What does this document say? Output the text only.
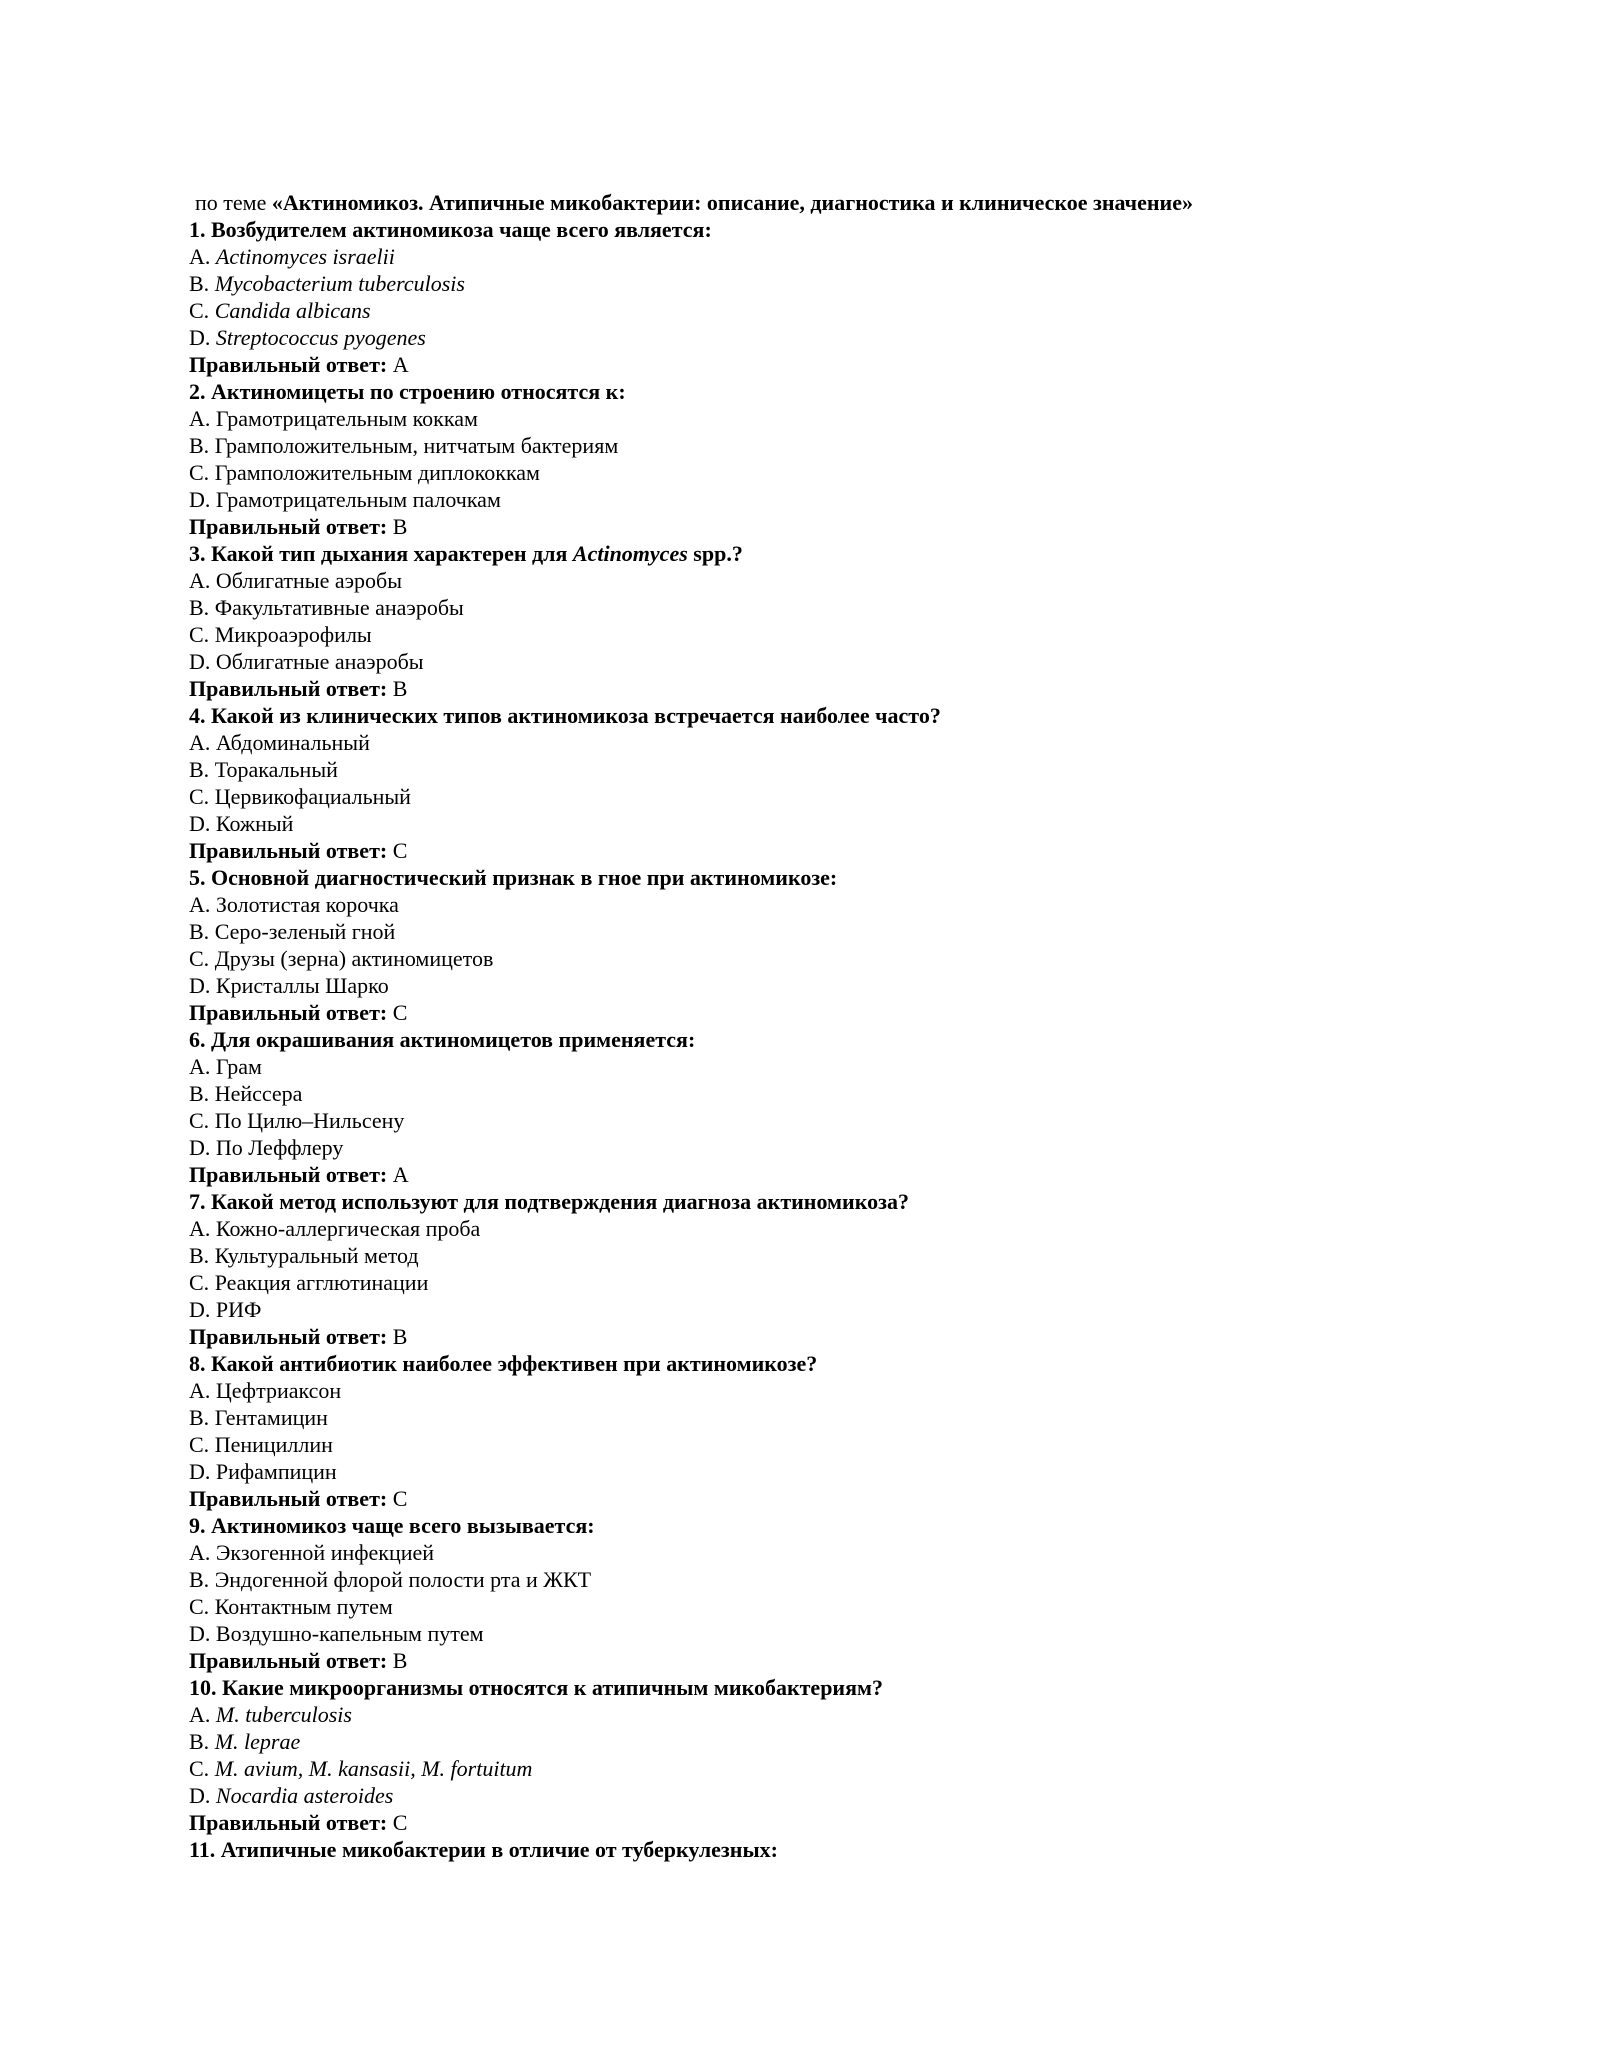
по теме «Актиномикоз. Атипичные микобактерии: описание, диагностика и клиническое значение»
1. Возбудителем актиномикоза чаще всего является:
A. Actinomyces israelii
B. Mycobacterium tuberculosis
C. Candida albicans
D. Streptococcus pyogenes
Правильный ответ: A
2. Актиномицеты по строению относятся к:
A. Грамотрицательным коккам
B. Грамположительным, нитчатым бактериям
C. Грамположительным диплококкам
D. Грамотрицательным палочкам
Правильный ответ: B
3. Какой тип дыхания характерен для Actinomyces spp.?
A. Облигатные аэробы
B. Факультативные анаэробы
C. Микроаэрофилы
D. Облигатные анаэробы
Правильный ответ: B
4. Какой из клинических типов актиномикоза встречается наиболее часто?
A. Абдоминальный
B. Торакальный
C. Цервикофациальный
D. Кожный
Правильный ответ: C
5. Основной диагностический признак в гное при актиномикозе:
A. Золотистая корочка
B. Серо-зеленый гной
C. Друзы (зерна) актиномицетов
D. Кристаллы Шарко
Правильный ответ: C
6. Для окрашивания актиномицетов применяется:
A. Грам
B. Нейссера
C. По Цилю–Нильсену
D. По Леффлеру
Правильный ответ: A
7. Какой метод используют для подтверждения диагноза актиномикоза?
A. Кожно-аллергическая проба
B. Культуральный метод
C. Реакция агглютинации
D. РИФ
Правильный ответ: B
8. Какой антибиотик наиболее эффективен при актиномикозе?
A. Цефтриаксон
B. Гентамицин
C. Пенициллин
D. Рифампицин
Правильный ответ: C
9. Актиномикоз чаще всего вызывается:
A. Экзогенной инфекцией
B. Эндогенной флорой полости рта и ЖКТ
C. Контактным путем
D. Воздушно-капельным путем
Правильный ответ: B
10. Какие микроорганизмы относятся к атипичным микобактериям?
A. M. tuberculosis
B. M. leprae
C. M. avium, M. kansasii, M. fortuitum
D. Nocardia asteroides
Правильный ответ: C
11. Атипичные микобактерии в отличие от туберкулезных:
